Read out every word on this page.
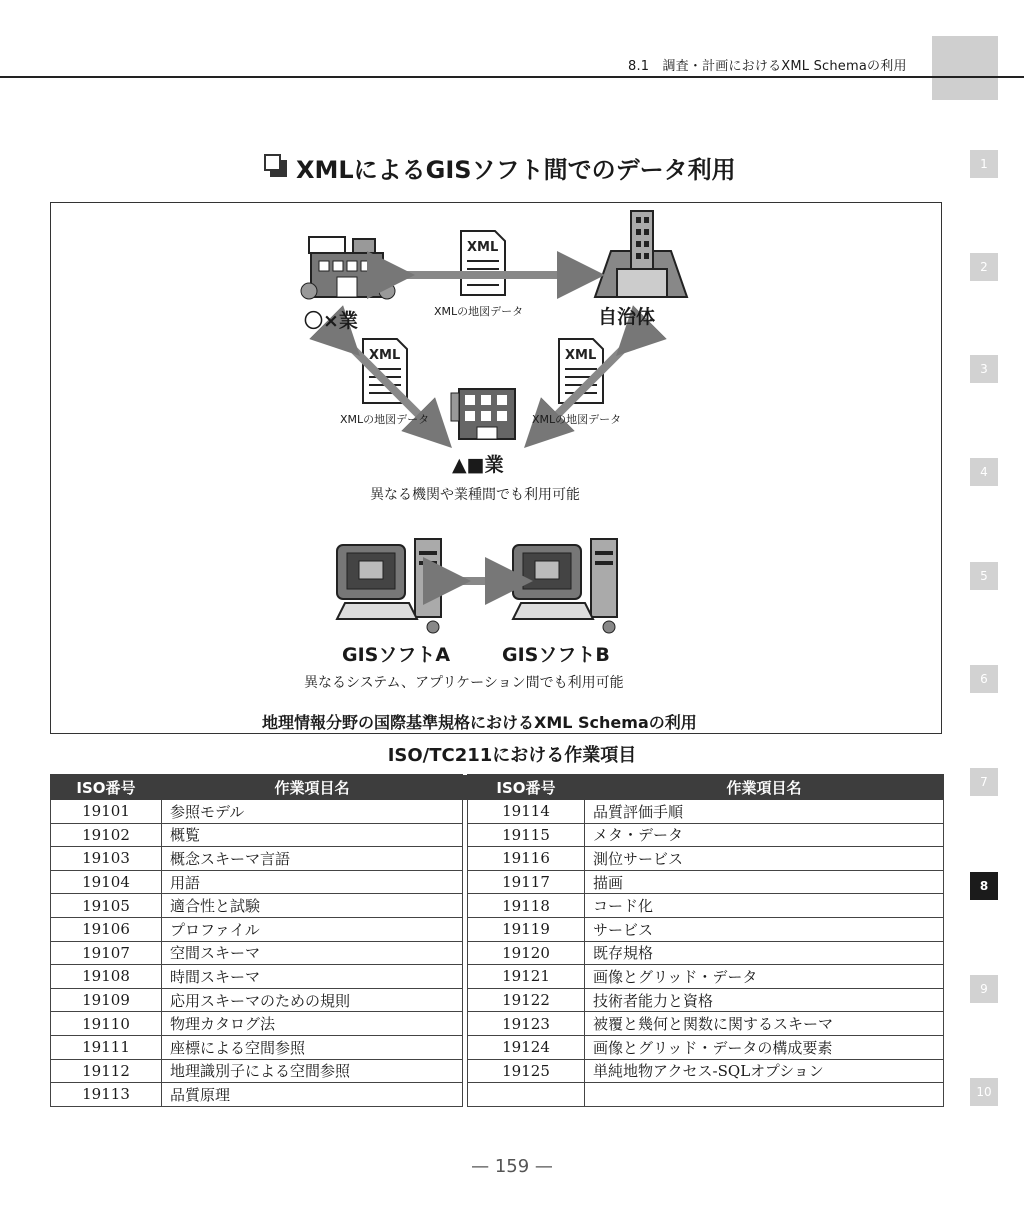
8.1　調査・計画におけるXML Schemaの利用
1
2
3
4
5
6
7
8
9
10
XMLによるGISソフト間でのデータ利用
XML
XML	XML
〇×業	自治体
XMLの地図データ
XMLの地図データ	XMLの地図データ
▲■業
異なる機関や業種間でも利用可能
GISソフトA	GISソフトB
異なるシステム、アプリケーション間でも利用可能
地理情報分野の国際基準規格におけるXML Schemaの利用
ISO/TC211における作業項目
ISO番号	作業項目名		ISO番号	作業項目名
19101	参照モデル		19114	品質評価手順
19102	概覧		19115	メタ・データ
19103	概念スキーマ言語		19116	測位サービス
19104	用語		19117	描画
19105	適合性と試験		19118	コード化
19106	プロファイル		19119	サービス
19107	空間スキーマ		19120	既存規格
19108	時間スキーマ		19121	画像とグリッド・データ
19109	応用スキーマのための規則		19122	技術者能力と資格
19110	物理カタログ法		19123	被覆と幾何と関数に関するスキーマ
19111	座標による空間参照		19124	画像とグリッド・データの構成要素
19112	地理識別子による空間参照		19125	単純地物アクセス-SQLオプション
19113	品質原理			
— 159 —
